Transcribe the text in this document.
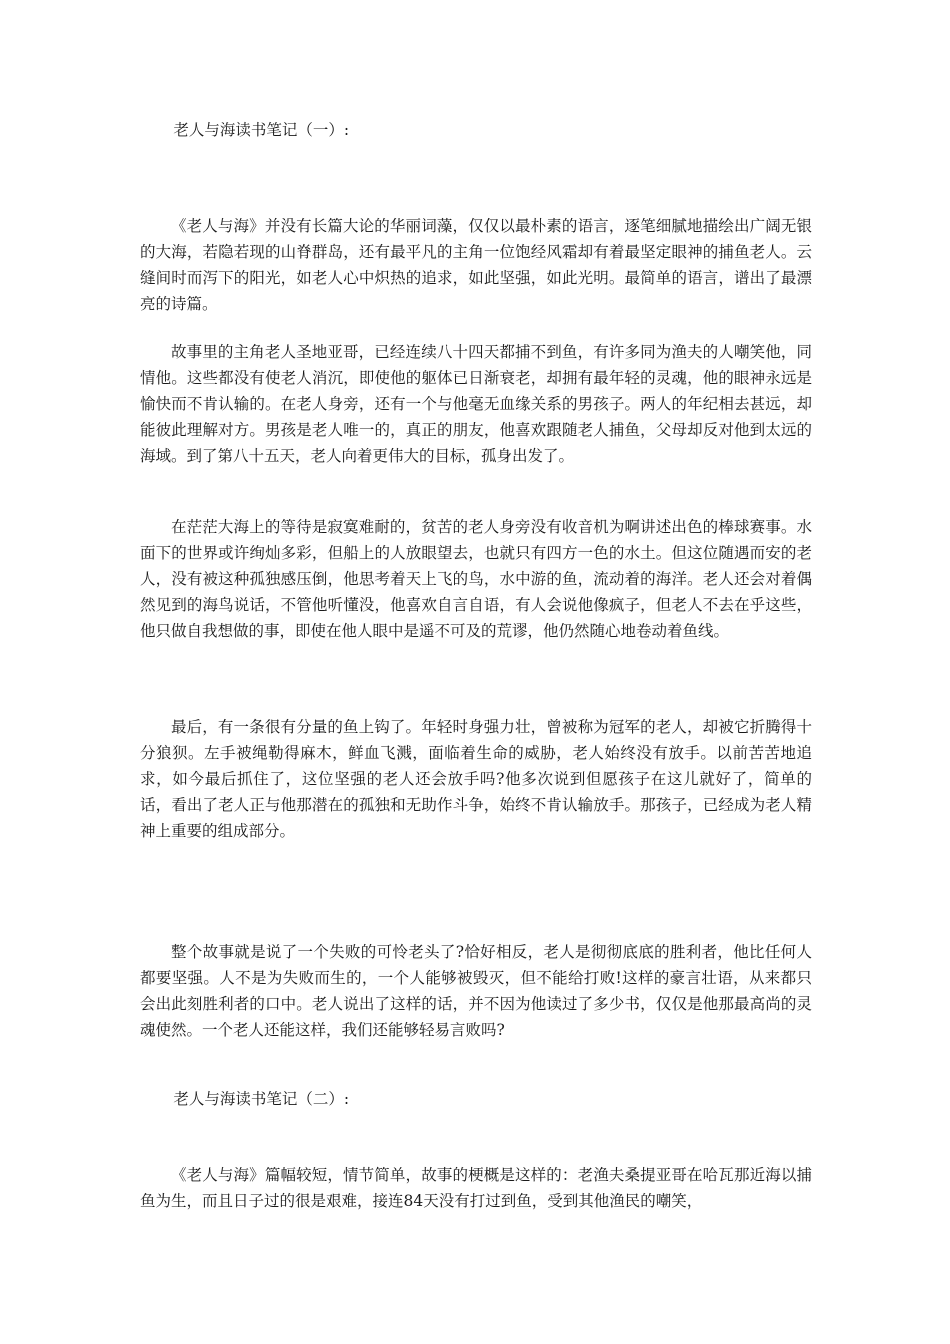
老人与海读书笔记（一）:

《老人与海》并没有长篇大论的华丽词藻，仅仅以最朴素的语言，逐笔细腻地描绘出广阔无银的大海，若隐若现的山脊群岛，还有最平凡的主角一位饱经风霜却有着最坚定眼神的捕鱼老人。云缝间时而泻下的阳光，如老人心中炽热的追求，如此坚强，如此光明。最简单的语言，谱出了最漂亮的诗篇。

故事里的主角老人圣地亚哥，已经连续八十四天都捕不到鱼，有许多同为渔夫的人嘲笑他，同情他。这些都没有使老人消沉，即使他的躯体已日渐衰老，却拥有最年轻的灵魂，他的眼神永远是愉快而不肯认输的。在老人身旁，还有一个与他毫无血缘关系的男孩子。两人的年纪相去甚远，却能彼此理解对方。男孩是老人唯一的，真正的朋友，他喜欢跟随老人捕鱼，父母却反对他到太远的海域。到了第八十五天，老人向着更伟大的目标，孤身出发了。

在茫茫大海上的等待是寂寞难耐的，贫苦的老人身旁没有收音机为啊讲述出色的棒球赛事。水面下的世界或许绚灿多彩，但船上的人放眼望去，也就只有四方一色的水土。但这位随遇而安的老人，没有被这种孤独感压倒，他思考着天上飞的鸟，水中游的鱼，流动着的海洋。老人还会对着偶然见到的海鸟说话，不管他听懂没，他喜欢自言自语，有人会说他像疯子，但老人不去在乎这些，他只做自我想做的事，即使在他人眼中是遥不可及的荒谬，他仍然随心地卷动着鱼线。

最后，有一条很有分量的鱼上钩了。年轻时身强力壮，曾被称为冠军的老人，却被它折腾得十分狼狈。左手被绳勒得麻木，鲜血飞溅，面临着生命的威胁，老人始终没有放手。以前苦苦地追求，如今最后抓住了，这位坚强的老人还会放手吗?他多次说到但愿孩子在这儿就好了，简单的话，看出了老人正与他那潜在的孤独和无助作斗争，始终不肯认输放手。那孩子，已经成为老人精神上重要的组成部分。

整个故事就是说了一个失败的可怜老头了?恰好相反，老人是彻彻底底的胜利者，他比任何人都要坚强。人不是为失败而生的，一个人能够被毁灭，但不能给打败!这样的豪言壮语，从来都只会出此刻胜利者的口中。老人说出了这样的话，并不因为他读过了多少书，仅仅是他那最高尚的灵魂使然。一个老人还能这样，我们还能够轻易言败吗?

老人与海读书笔记（二）:

《老人与海》篇幅较短，情节简单，故事的梗概是这样的：老渔夫桑提亚哥在哈瓦那近海以捕鱼为生，而且日子过的很是艰难，接连84天没有打过到鱼，受到其他渔民的嘲笑，
